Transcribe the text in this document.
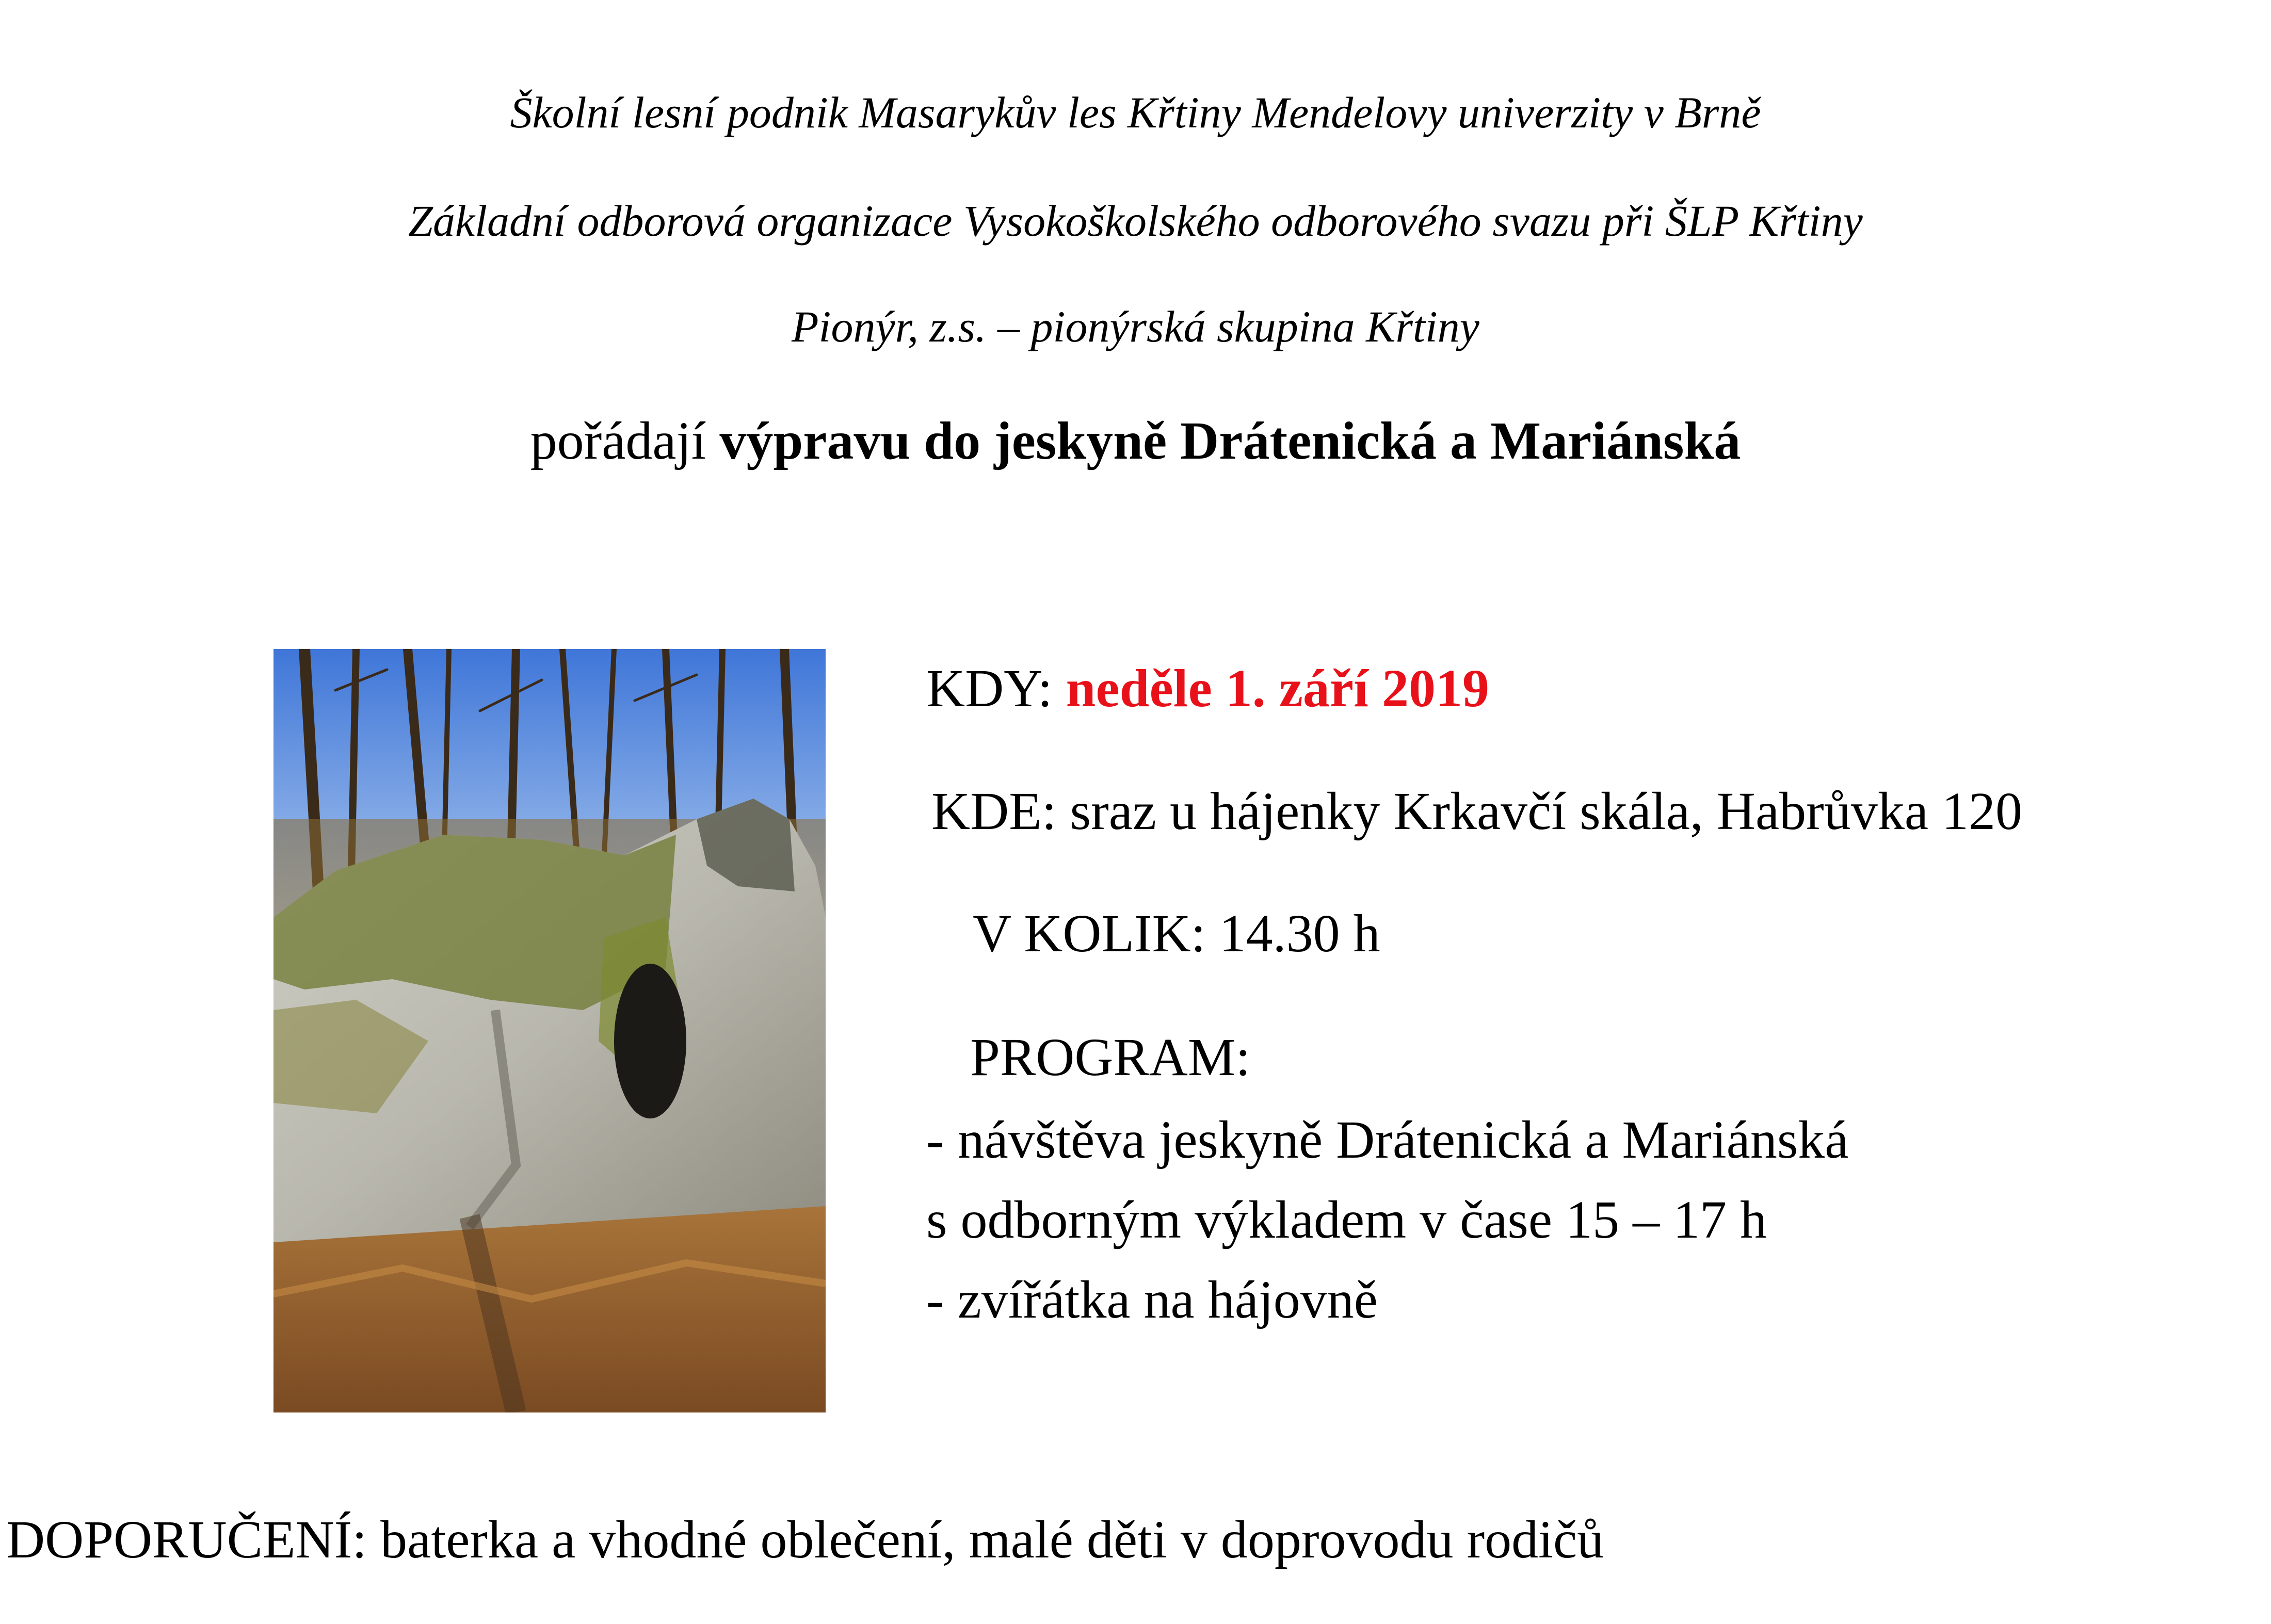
Školní lesní podnik Masarykův les Křtiny Mendelovy univerzity v Brně
Základní odborová organizace Vysokoškolského odborového svazu při ŠLP Křtiny
Pionýr, z.s. – pionýrská skupina Křtiny
pořádají výpravu do jeskyně Drátenická a Mariánská
KDY: neděle 1. září 2019
KDE: sraz u hájenky Krkavčí skála, Habrůvka 120
V KOLIK: 14.30 h
PROGRAM:
- návštěva jeskyně Drátenická a Mariánská
s odborným výkladem v čase 15 – 17 h
- zvířátka na hájovně
DOPORUČENÍ: baterka a vhodné oblečení, malé děti v doprovodu rodičů
